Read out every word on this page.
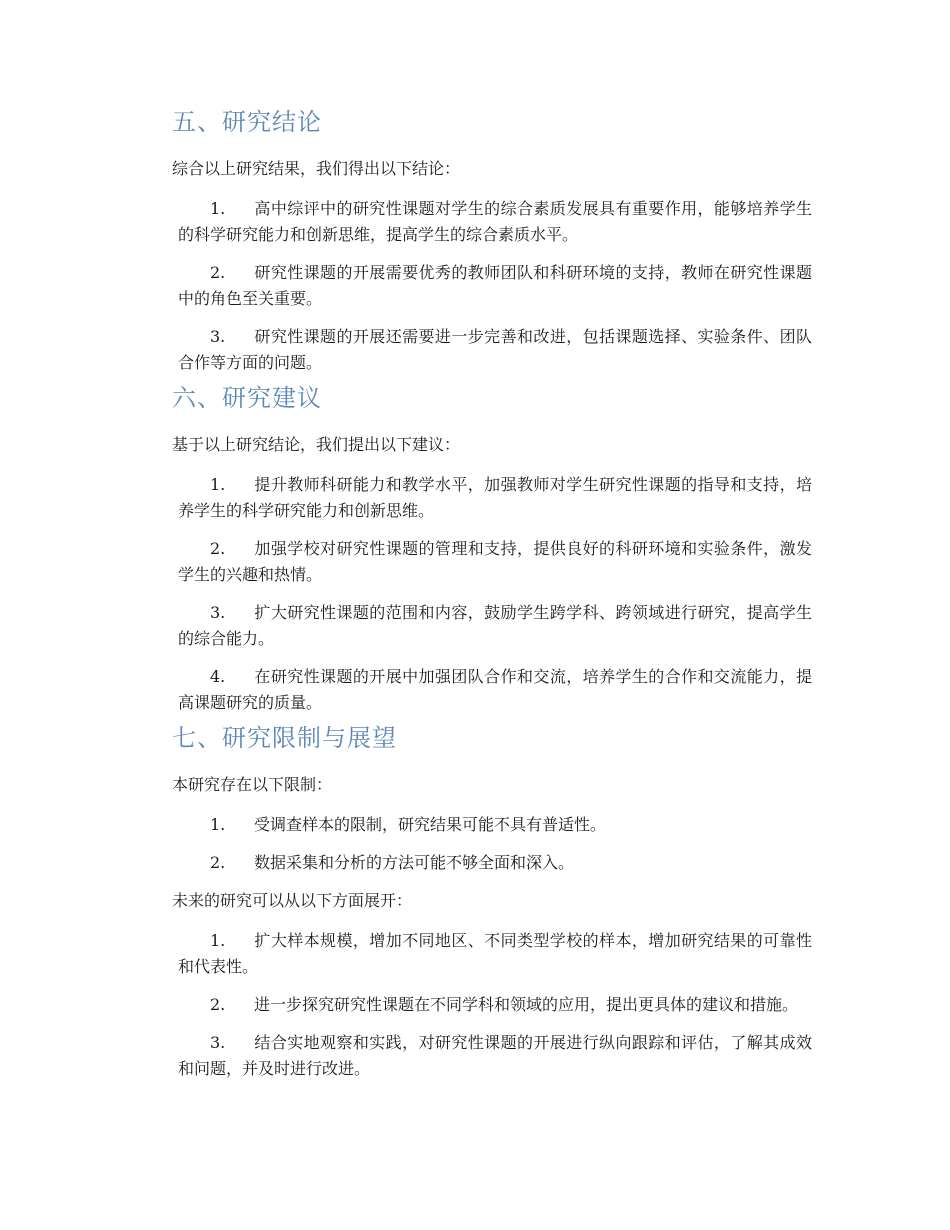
五、研究结论

综合以上研究结果，我们得出以下结论：

1. 高中综评中的研究性课题对学生的综合素质发展具有重要作用，能够培养学生的科学研究能力和创新思维，提高学生的综合素质水平。

2. 研究性课题的开展需要优秀的教师团队和科研环境的支持，教师在研究性课题中的角色至关重要。

3. 研究性课题的开展还需要进一步完善和改进，包括课题选择、实验条件、团队合作等方面的问题。

六、研究建议

基于以上研究结论，我们提出以下建议：

1. 提升教师科研能力和教学水平，加强教师对学生研究性课题的指导和支持，培养学生的科学研究能力和创新思维。

2. 加强学校对研究性课题的管理和支持，提供良好的科研环境和实验条件，激发学生的兴趣和热情。

3. 扩大研究性课题的范围和内容，鼓励学生跨学科、跨领域进行研究，提高学生的综合能力。

4. 在研究性课题的开展中加强团队合作和交流，培养学生的合作和交流能力，提高课题研究的质量。

七、研究限制与展望

本研究存在以下限制：

1. 受调查样本的限制，研究结果可能不具有普适性。

2. 数据采集和分析的方法可能不够全面和深入。

未来的研究可以从以下方面展开：

1. 扩大样本规模，增加不同地区、不同类型学校的样本，增加研究结果的可靠性和代表性。

2. 进一步探究研究性课题在不同学科和领域的应用，提出更具体的建议和措施。

3. 结合实地观察和实践，对研究性课题的开展进行纵向跟踪和评估，了解其成效和问题，并及时进行改进。
